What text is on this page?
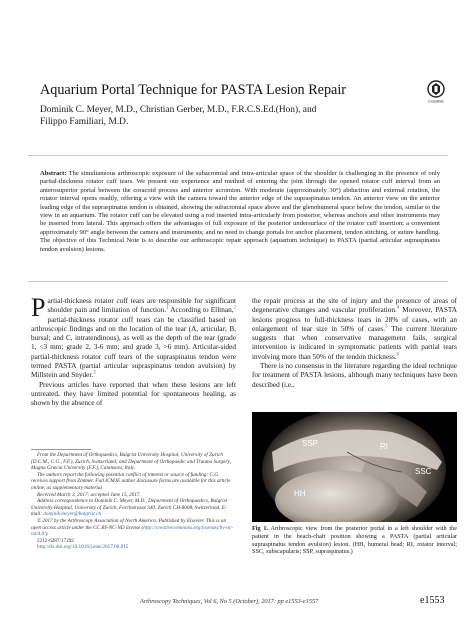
Aquarium Portal Technique for PASTA Lesion Repair
CrossMark
Dominik C. Meyer, M.D., Christian Gerber, M.D., F.R.C.S.Ed.(Hon), and
Filippo Familiari, M.D.
Abstract: The simultaneous arthroscopic exposure of the subacromial and intra-articular space of the shoulder is challenging in the presence of only partial-thickness rotator cuff tears. We present our experience and method of entering the joint through the opened rotator cuff interval from an anterosuperior portal between the coracoid process and anterior acromion. With moderate (approximately 30°) abduction and external rotation, the rotator interval opens readily, offering a view with the camera toward the anterior edge of the supraspinatus tendon. An anterior view on the anterior leading edge of the supraspinatus tendon is obtained, showing the subacromial space above and the glenohumeral space below the tendon, similar to the view in an aquarium. The rotator cuff can be elevated using a rod inserted intra-articularly from posterior, whereas anchors and other instruments may be inserted from lateral. This approach offers the advantages of full exposure of the posterior undersurface of the rotator cuff insertion; a convenient approximately 90° angle between the camera and instruments; and no need to change portals for anchor placement, tendon stitching, or suture handling. The objective of this Technical Note is to describe our arthroscopic repair approach (aquarium technique) to PASTA (partial articular supraspinatus tendon avulsion) lesions.

Partial-thickness rotator cuff tears are responsible for significant shoulder pain and limitation of function.$^1$ According to Ellman,$^2$ partial-thickness rotator cuff tears can be classified based on arthroscopic findings and on the location of the tear (A, articular; B, bursal; and C, intratendinous), as well as the depth of the tear (grade 1, <3 mm; grade 2, 3-6 mm; and grade 3, >6 mm). Articular-sided partial-thickness rotator cuff tears of the supraspinatus tendon were termed PASTA (partial articular supraspinatus tendon avulsion) by Millstein and Snyder.$^3$

Previous articles have reported that when these lesions are left untreated, they have limited potential for spontaneous healing, as shown by the absence of

the repair process at the site of injury and the presence of areas of degenerative changes and vascular proliferation.$^4$ Moreover, PASTA lesions progress to full-thickness tears in 28% of cases, with an enlargement of tear size in 50% of cases.$^5$ The current literature suggests that when conservative management fails, surgical intervention is indicated in symptomatic patients with partial tears involving more than 50% of the tendon thickness.$^6$

There is no consensus in the literature regarding the ideal technique for treatment of PASTA lesions, although many techniques have been described (i.e.,

From the Department of Orthopaedics, Balgrist University Hospital, University of Zurich (D.C.M., C.G., F.F.), Zurich, Switzerland; and Department of Orthopaedic and Trauma Surgery, Magna Græcia University (F.F.), Catanzaro, Italy.
The authors report the following potential conflict of interest or source of funding: C.G. receives support from Zimmer. Full ICMJE author disclosure forms are available for this article online, as supplementary material.
Received March 3, 2017; accepted June 15, 2017.
Address correspondence to Dominik C. Meyer, M.D., Department of Orthopaedics, Balgrist University Hospital, University of Zurich, Forchstrasse 340, Zurich CH-8008, Switzerland. E-mail: dominik.meyer@balgrist.ch
© 2017 by the Arthroscopy Association of North America. Published by Elsevier. This is an open access article under the CC BY-NC-ND license (http://creativecommons.org/licenses/by-nc-nd/4.0/).
2212-6287/17292
http://dx.doi.org/10.1016/j.eats.2017.06.015
SSP	RI
SSC
HH
Fig 1. Arthroscopic view from the posterior portal in a left shoulder with the patient in the beach-chair position showing a PASTA (partial articular supraspinatus tendon avulsion) lesion. (HH, humeral head; RI, rotator interval; SSC, subscapularis; SSP, supraspinatus.)
Arthroscopy Techniques, Vol 6, No 5 (October), 2017: pp e1553-e1557	e1553
